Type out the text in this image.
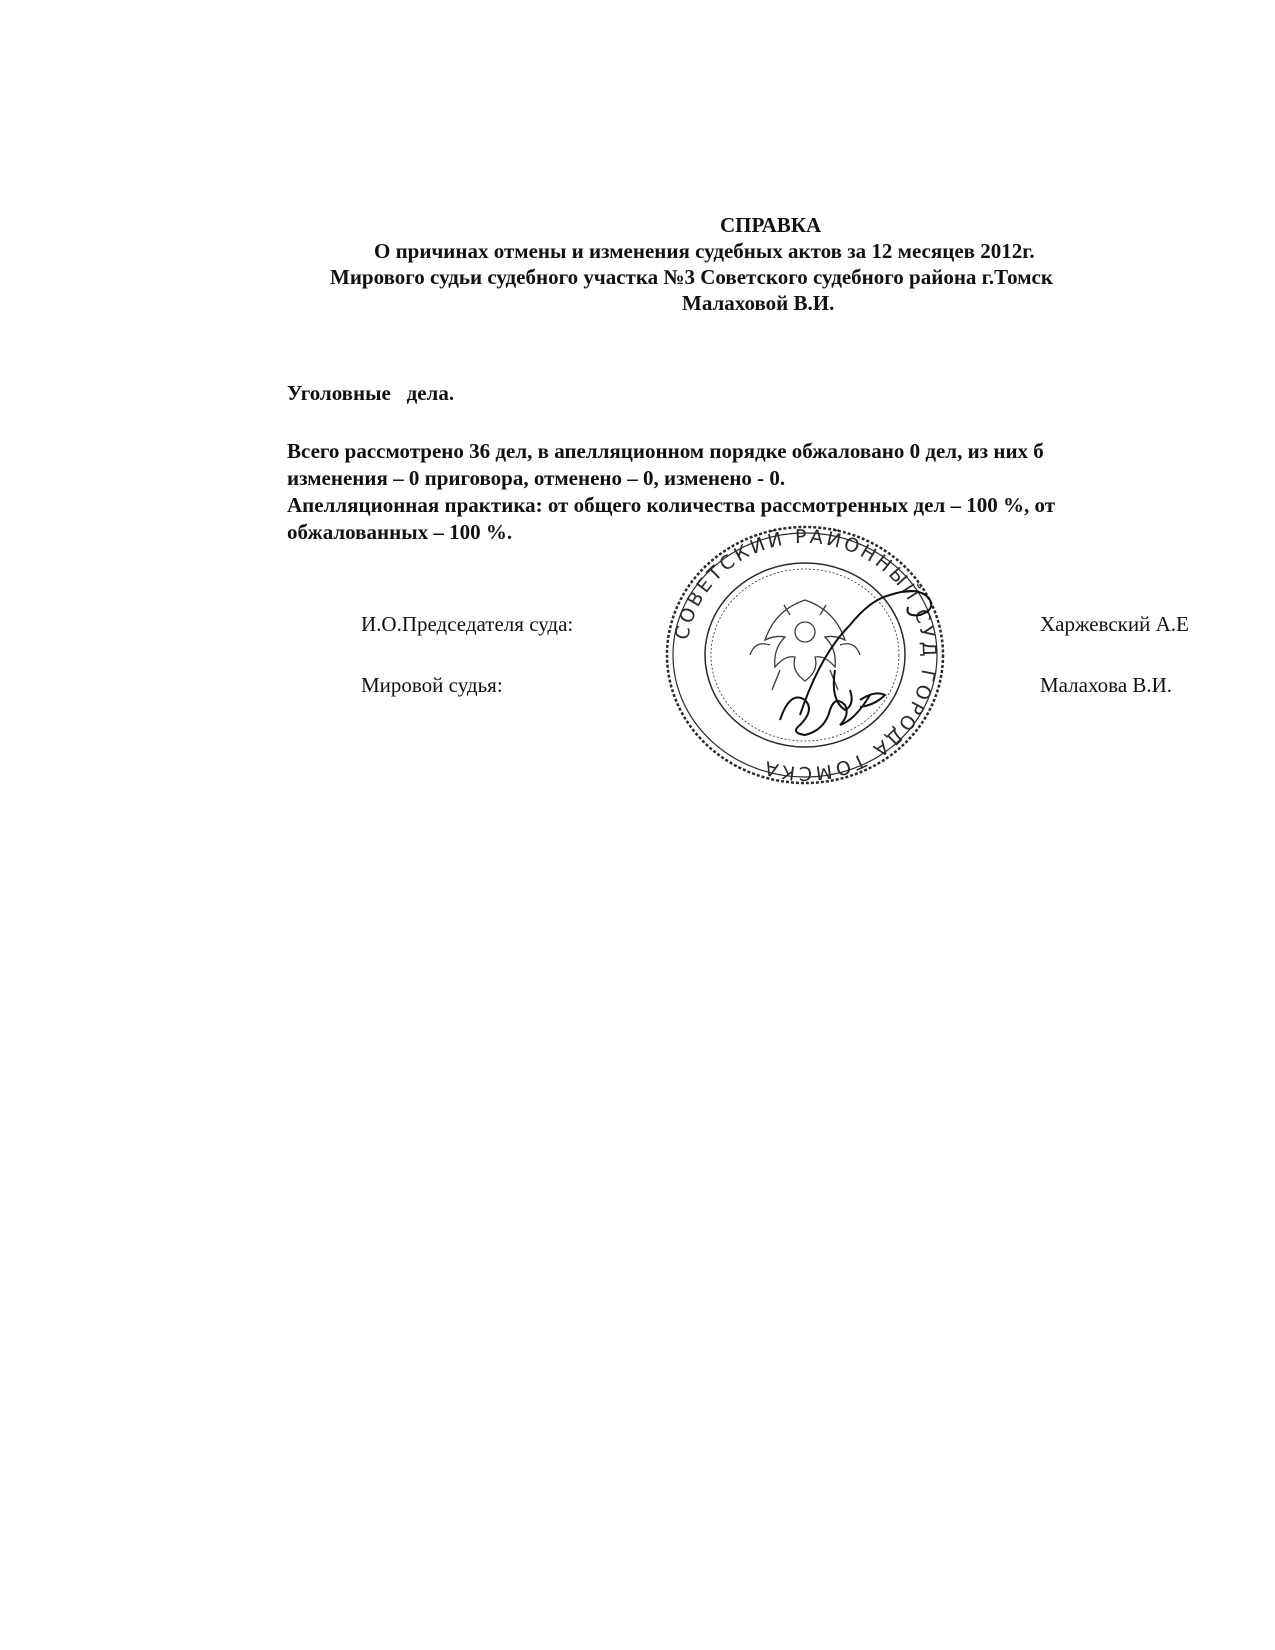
СПРАВКА
О причинах отмены и изменения судебных актов за 12 месяцев 2012г.
Мирового судьи судебного участка №3 Советского судебного района г.Томск
Малаховой В.И.
Уголовные   дела.
Всего рассмотрено 36 дел, в апелляционном порядке обжаловано 0 дел, из них б
изменения – 0 приговора, отменено – 0, изменено - 0.
Апелляционная практика: от общего количества рассмотренных дел – 100 %, от
обжалованных – 100 %.
И.О.Председателя суда:	Харжевский А.Е
Мировой судья:	Малахова В.И.
СОВЕТСКИЙ РАЙОННЫЙ СУД ГОРОДА ТОМСКА
